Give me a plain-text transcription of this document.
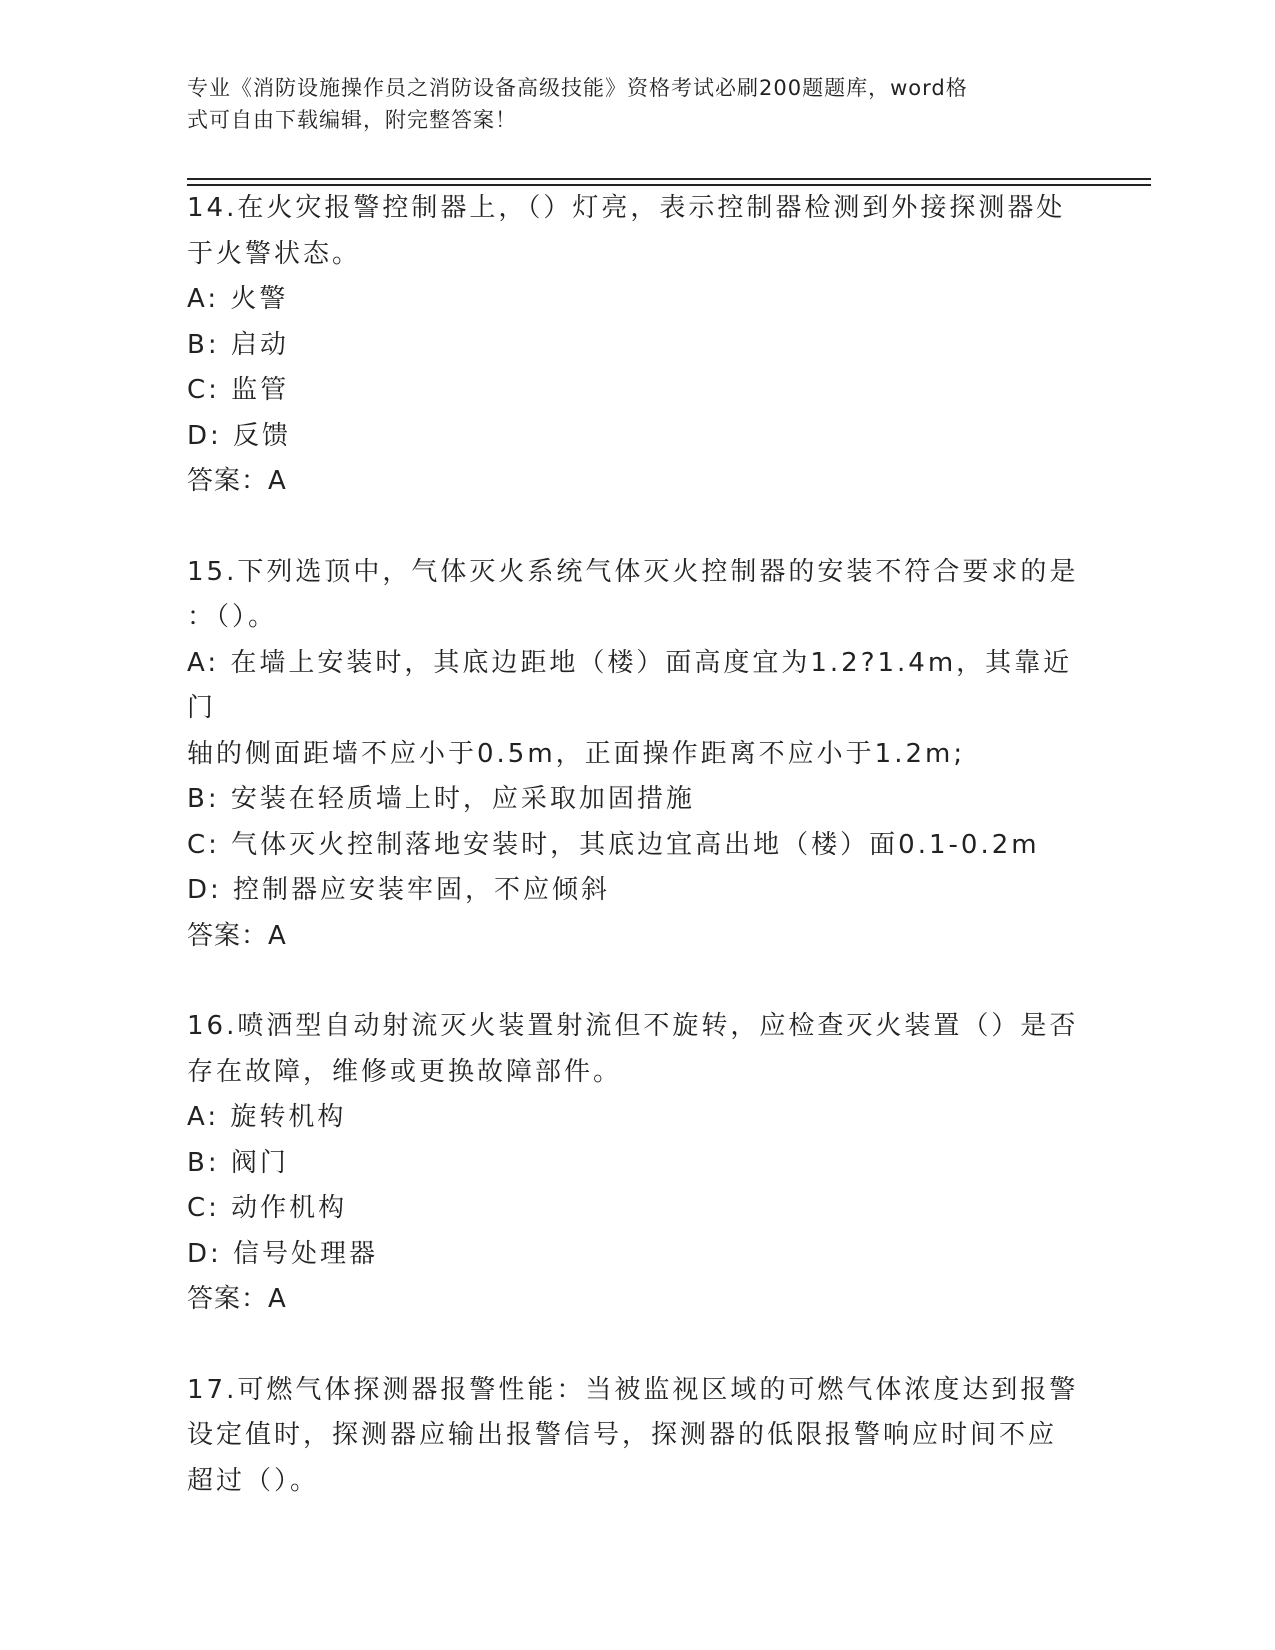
专业《消防设施操作员之消防设备高级技能》资格考试必刷200题题库，word格
式可自由下载编辑，附完整答案！

14.在火灾报警控制器上，（）灯亮，表示控制器检测到外接探测器处

于火警状态。

A: 火警

B: 启动

C: 监管

D: 反馈

答案：A

15.下列选顶中，气体灭火系统气体灭火控制器的安装不符合要求的是

：（）。

A: 在墙上安装时，其底边距地（楼）面高度宜为1.2?1.4m，其靠近门

轴的侧面距墙不应小于0.5m，正面操作距离不应小于1.2m;

B: 安装在轻质墙上时，应采取加固措施

C: 气体灭火控制落地安装时，其底边宜高出地（楼）面0.1-0.2m

D: 控制器应安装牢固，不应倾斜

答案：A

16.喷洒型自动射流灭火装置射流但不旋转，应检查灭火装置（）是否

存在故障，维修或更换故障部件。

A: 旋转机构

B: 阀门

C: 动作机构

D: 信号处理器

答案：A

17.可燃气体探测器报警性能：当被监视区域的可燃气体浓度达到报警

设定值时，探测器应输出报警信号，探测器的低限报警响应时间不应

超过（）。
